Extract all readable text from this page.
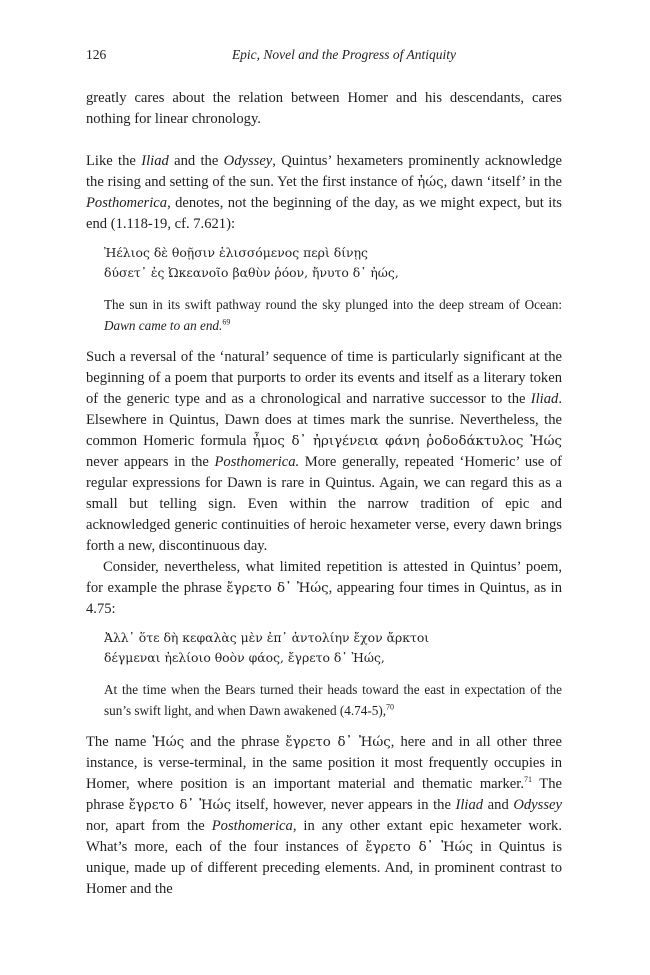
126	Epic, Novel and the Progress of Antiquity

greatly cares about the relation between Homer and his descendants, cares nothing for linear chronology.

Like the Iliad and the Odyssey, Quintus’ hexameters prominently acknowledge the rising and setting of the sun. Yet the first instance of ἠώς, dawn ‘itself’ in the Posthomerica, denotes, not the beginning of the day, as we might expect, but its end (1.118-19, cf. 7.621):

Ἠέλιος δὲ θοῇσιν ἑλισσόμενος περὶ δίνῃς
δύσετ᾽ ἐς Ὠκεανοῖο βαθὺν ῥόον, ἤνυτο δ᾽ ἠώς,
The sun in its swift pathway round the sky plunged into the deep stream of Ocean: Dawn came to an end.$^{69}$

Such a reversal of the ‘natural’ sequence of time is particularly significant at the beginning of a poem that purports to order its events and itself as a literary token of the generic type and as a chronological and narrative successor to the Iliad. Elsewhere in Quintus, Dawn does at times mark the sunrise. Nevertheless, the common Homeric formula ἦμος δ᾽ ἠριγένεια φάνη ῥοδοδάκτυλος Ἠώς never appears in the Posthomerica. More generally, repeated ‘Homeric’ use of regular expressions for Dawn is rare in Quintus. Again, we can regard this as a small but telling sign. Even within the narrow tradition of epic and acknowledged generic continuities of heroic hexameter verse, every dawn brings forth a new, discontinuous day.

Consider, nevertheless, what limited repetition is attested in Quintus’ poem, for example the phrase ἔγρετο δ᾽ Ἠώς, appearing four times in Quintus, as in 4.75:

Ἀλλ᾽ ὅτε δὴ κεφαλὰς μὲν ἐπ᾽ ἀντολίην ἔχον ἄρκτοι
δέγμεναι ἠελίοιο θοὸν φάος, ἔγρετο δ᾽ Ἠώς,
At the time when the Bears turned their heads toward the east in expectation of the sun’s swift light, and when Dawn awakened (4.74-5),$^{70}$

The name Ἠώς and the phrase ἔγρετο δ᾽ Ἠώς, here and in all other three instance, is verse-terminal, in the same position it most frequently occupies in Homer, where position is an important material and thematic marker.$^{71}$ The phrase ἔγρετο δ᾽ Ἠώς itself, however, never appears in the Iliad and Odyssey nor, apart from the Posthomerica, in any other extant epic hexameter work. What’s more, each of the four instances of ἔγρετο δ᾽ Ἠώς in Quintus is unique, made up of different preceding elements. And, in prominent contrast to Homer and the
